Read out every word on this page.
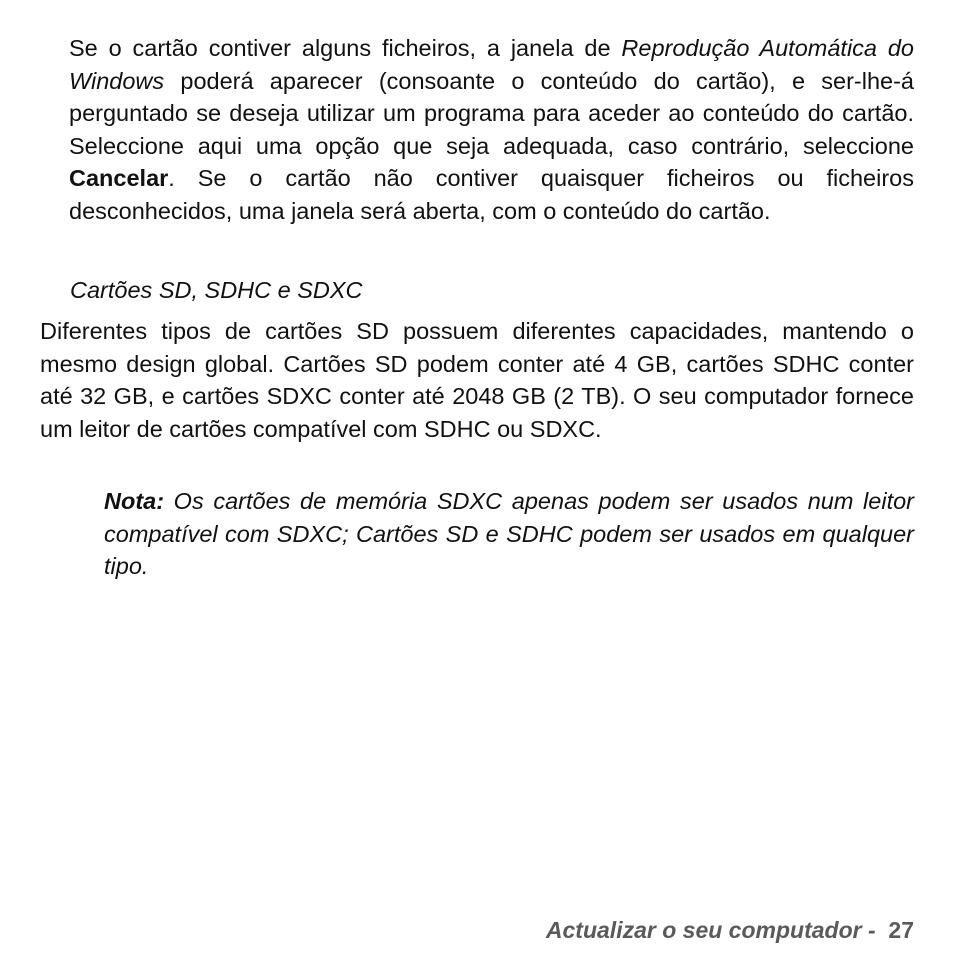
Se o cartão contiver alguns ficheiros, a janela de Reprodução Automática do Windows poderá aparecer (consoante o conteúdo do cartão), e ser-lhe-á perguntado se deseja utilizar um programa para aceder ao conteúdo do cartão. Seleccione aqui uma opção que seja adequada, caso contrário, seleccione Cancelar. Se o cartão não contiver quaisquer ficheiros ou ficheiros desconhecidos, uma janela será aberta, com o conteúdo do cartão.

Cartões SD, SDHC e SDXC

Diferentes tipos de cartões SD possuem diferentes capacidades, mantendo o mesmo design global. Cartões SD podem conter até 4 GB, cartões SDHC conter até 32 GB, e cartões SDXC conter até 2048 GB (2 TB). O seu computador fornece um leitor de cartões compatível com SDHC ou SDXC.

Nota: Os cartões de memória SDXC apenas podem ser usados num leitor compatível com SDXC; Cartões SD e SDHC podem ser usados em qualquer tipo.

Actualizar o seu computador -  27
